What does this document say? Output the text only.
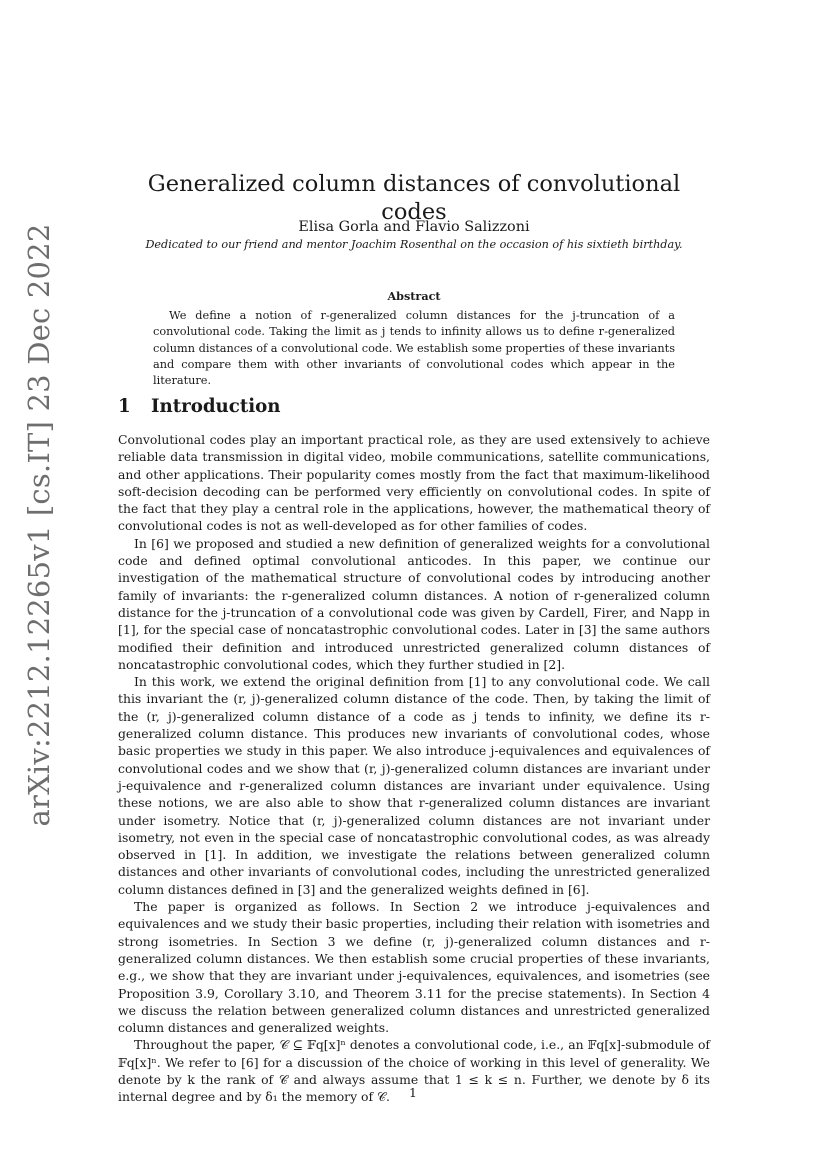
arXiv:2212.12265v1 [cs.IT] 23 Dec 2022
Generalized column distances of convolutional codes
Elisa Gorla and Flavio Salizzoni
Dedicated to our friend and mentor Joachim Rosenthal on the occasion of his sixtieth birthday.
Abstract

We define a notion of r-generalized column distances for the j-truncation of a convolutional code. Taking the limit as j tends to infinity allows us to define r-generalized column distances of a convolutional code. We establish some properties of these invariants and compare them with other invariants of convolutional codes which appear in the literature.

1 Introduction

Convolutional codes play an important practical role, as they are used extensively to achieve reliable data transmission in digital video, mobile communications, satellite communications, and other applications. Their popularity comes mostly from the fact that maximum-likelihood soft-decision decoding can be performed very efficiently on convolutional codes. In spite of the fact that they play a central role in the applications, however, the mathematical theory of convolutional codes is not as well-developed as for other families of codes.

In [6] we proposed and studied a new definition of generalized weights for a convolutional code and defined optimal convolutional anticodes. In this paper, we continue our investigation of the mathematical structure of convolutional codes by introducing another family of invariants: the r-generalized column distances. A notion of r-generalized column distance for the j-truncation of a convolutional code was given by Cardell, Firer, and Napp in [1], for the special case of noncatastrophic convolutional codes. Later in [3] the same authors modified their definition and introduced unrestricted generalized column distances of noncatastrophic convolutional codes, which they further studied in [2].

In this work, we extend the original definition from [1] to any convolutional code. We call this invariant the (r, j)-generalized column distance of the code. Then, by taking the limit of the (r, j)-generalized column distance of a code as j tends to infinity, we define its r-generalized column distance. This produces new invariants of convolutional codes, whose basic properties we study in this paper. We also introduce j-equivalences and equivalences of convolutional codes and we show that (r, j)-generalized column distances are invariant under j-equivalence and r-generalized column distances are invariant under equivalence. Using these notions, we are also able to show that r-generalized column distances are invariant under isometry. Notice that (r, j)-generalized column distances are not invariant under isometry, not even in the special case of noncatastrophic convolutional codes, as was already observed in [1]. In addition, we investigate the relations between generalized column distances and other invariants of convolutional codes, including the unrestricted generalized column distances defined in [3] and the generalized weights defined in [6].

The paper is organized as follows. In Section 2 we introduce j-equivalences and equivalences and we study their basic properties, including their relation with isometries and strong isometries. In Section 3 we define (r, j)-generalized column distances and r-generalized column distances. We then establish some crucial properties of these invariants, e.g., we show that they are invariant under j-equivalences, equivalences, and isometries (see Proposition 3.9, Corollary 3.10, and Theorem 3.11 for the precise statements). In Section 4 we discuss the relation between generalized column distances and unrestricted generalized column distances and generalized weights.

Throughout the paper, 𝒞 ⊆ 𝔽q[x]ⁿ denotes a convolutional code, i.e., an 𝔽q[x]-submodule of 𝔽q[x]ⁿ. We refer to [6] for a discussion of the choice of working in this level of generality. We denote by k the rank of 𝒞 and always assume that 1 ≤ k ≤ n. Further, we denote by δ its internal degree and by δ₁ the memory of 𝒞.	1
